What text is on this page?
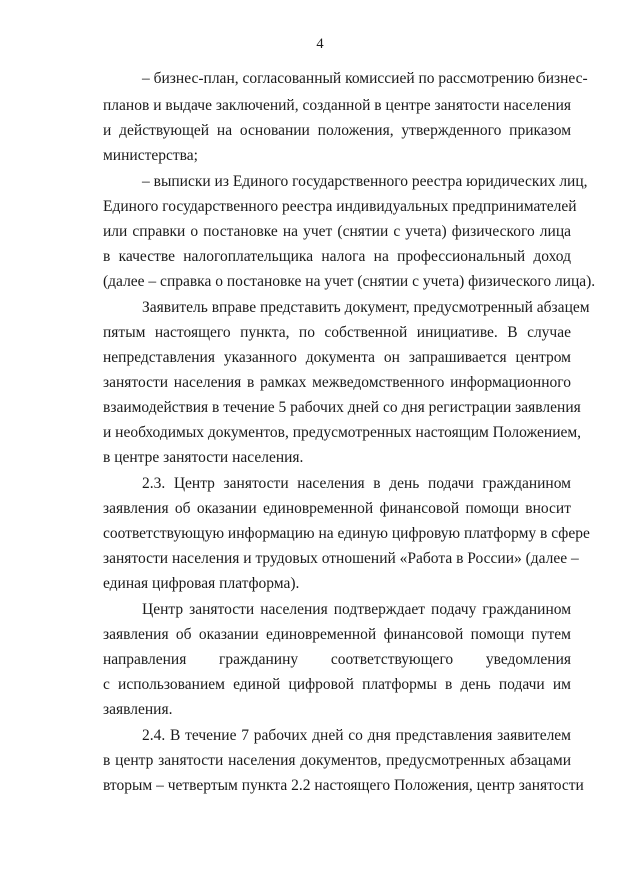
4
– бизнес-план, согласованный комиссией по рассмотрению бизнес-
планов и выдаче заключений, созданной в центре занятости населения
и действующей на основании положения, утвержденного приказом
министерства;
– выписки из Единого государственного реестра юридических лиц,
Единого государственного реестра индивидуальных предпринимателей
или справки о постановке на учет (снятии с учета) физического лица
в качестве налогоплательщика налога на профессиональный доход
(далее – справка о постановке на учет (снятии с учета) физического лица).
Заявитель вправе представить документ, предусмотренный абзацем
пятым настоящего пункта, по собственной инициативе. В случае
непредставления указанного документа он запрашивается центром
занятости населения в рамках межведомственного информационного
взаимодействия в течение 5 рабочих дней со дня регистрации заявления
и необходимых документов, предусмотренных настоящим Положением,
в центре занятости населения.
2.3. Центр занятости населения в день подачи гражданином
заявления об оказании единовременной финансовой помощи вносит
соответствующую информацию на единую цифровую платформу в сфере
занятости населения и трудовых отношений «Работа в России» (далее –
единая цифровая платформа).
Центр занятости населения подтверждает подачу гражданином
заявления об оказании единовременной финансовой помощи путем
направления гражданину соответствующего уведомления
с использованием единой цифровой платформы в день подачи им
заявления.
2.4. В течение 7 рабочих дней со дня представления заявителем
в центр занятости населения документов, предусмотренных абзацами
вторым – четвертым пункта 2.2 настоящего Положения, центр занятости
